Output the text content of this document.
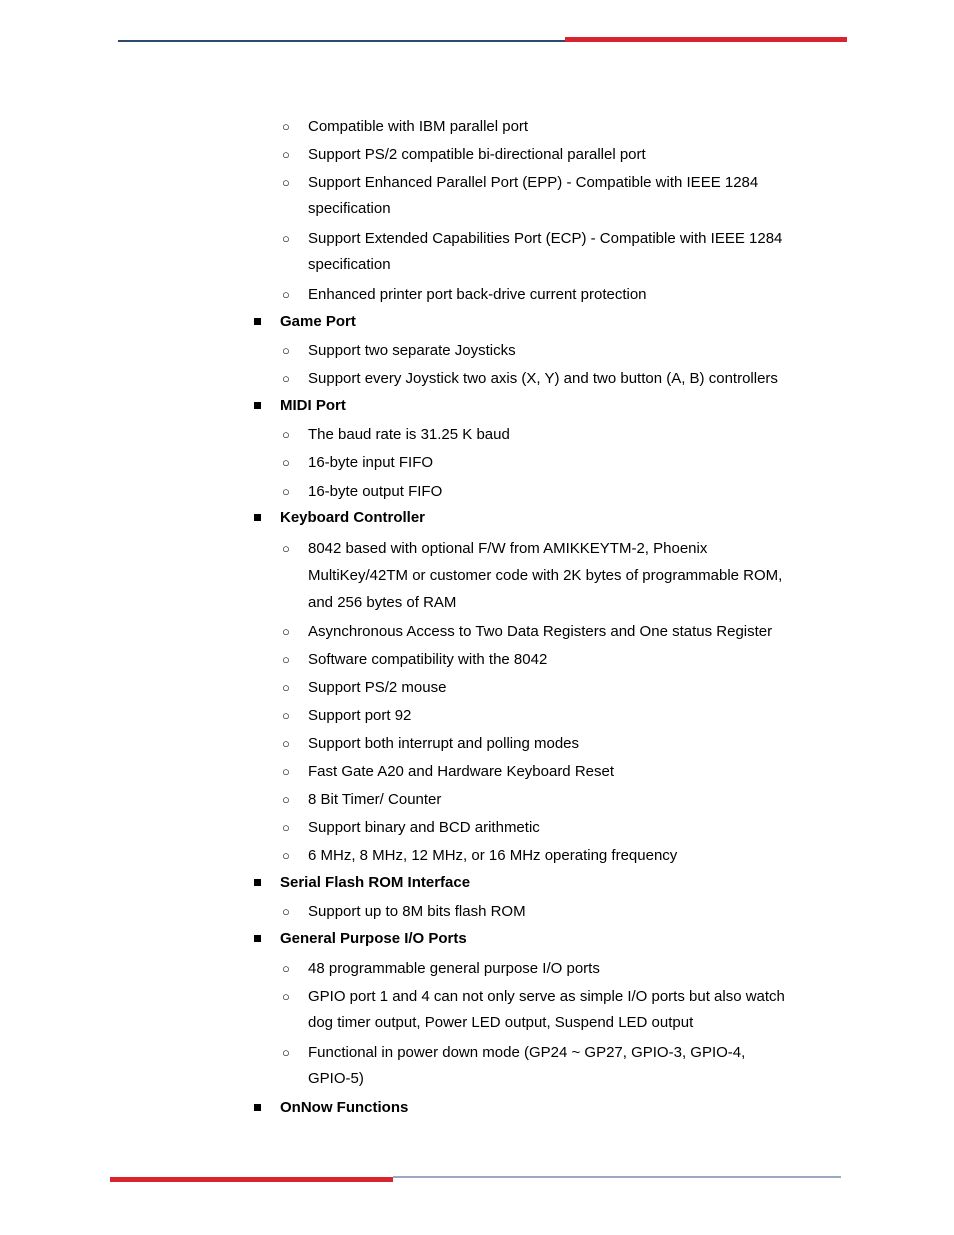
○ Compatible with IBM parallel port
○ Support PS/2 compatible bi-directional parallel port
○ Support Enhanced Parallel Port (EPP) - Compatible with IEEE 1284
specification
○ Support Extended Capabilities Port (ECP) - Compatible with IEEE 1284
specification
○ Enhanced printer port back-drive current protection
Game Port
○ Support two separate Joysticks
○ Support every Joystick two axis (X, Y) and two button (A, B) controllers
MIDI Port
○ The baud rate is 31.25 K baud
○ 16-byte input FIFO
○ 16-byte output FIFO
Keyboard Controller
○ 8042 based with optional F/W from AMIKKEYTM-2, Phoenix
MultiKey/42TM or customer code with 2K bytes of programmable ROM,
and 256 bytes of RAM
○ Asynchronous Access to Two Data Registers and One status Register
○ Software compatibility with the 8042
○ Support PS/2 mouse
○ Support port 92
○ Support both interrupt and polling modes
○ Fast Gate A20 and Hardware Keyboard Reset
○ 8 Bit Timer/ Counter
○ Support binary and BCD arithmetic
○ 6 MHz, 8 MHz, 12 MHz, or 16 MHz operating frequency
Serial Flash ROM Interface
○ Support up to 8M bits flash ROM
General Purpose I/O Ports
○ 48 programmable general purpose I/O ports
○ GPIO port 1 and 4 can not only serve as simple I/O ports but also watch
dog timer output, Power LED output, Suspend LED output
○ Functional in power down mode (GP24 ~ GP27, GPIO-3, GPIO-4,
GPIO-5)
OnNow Functions
